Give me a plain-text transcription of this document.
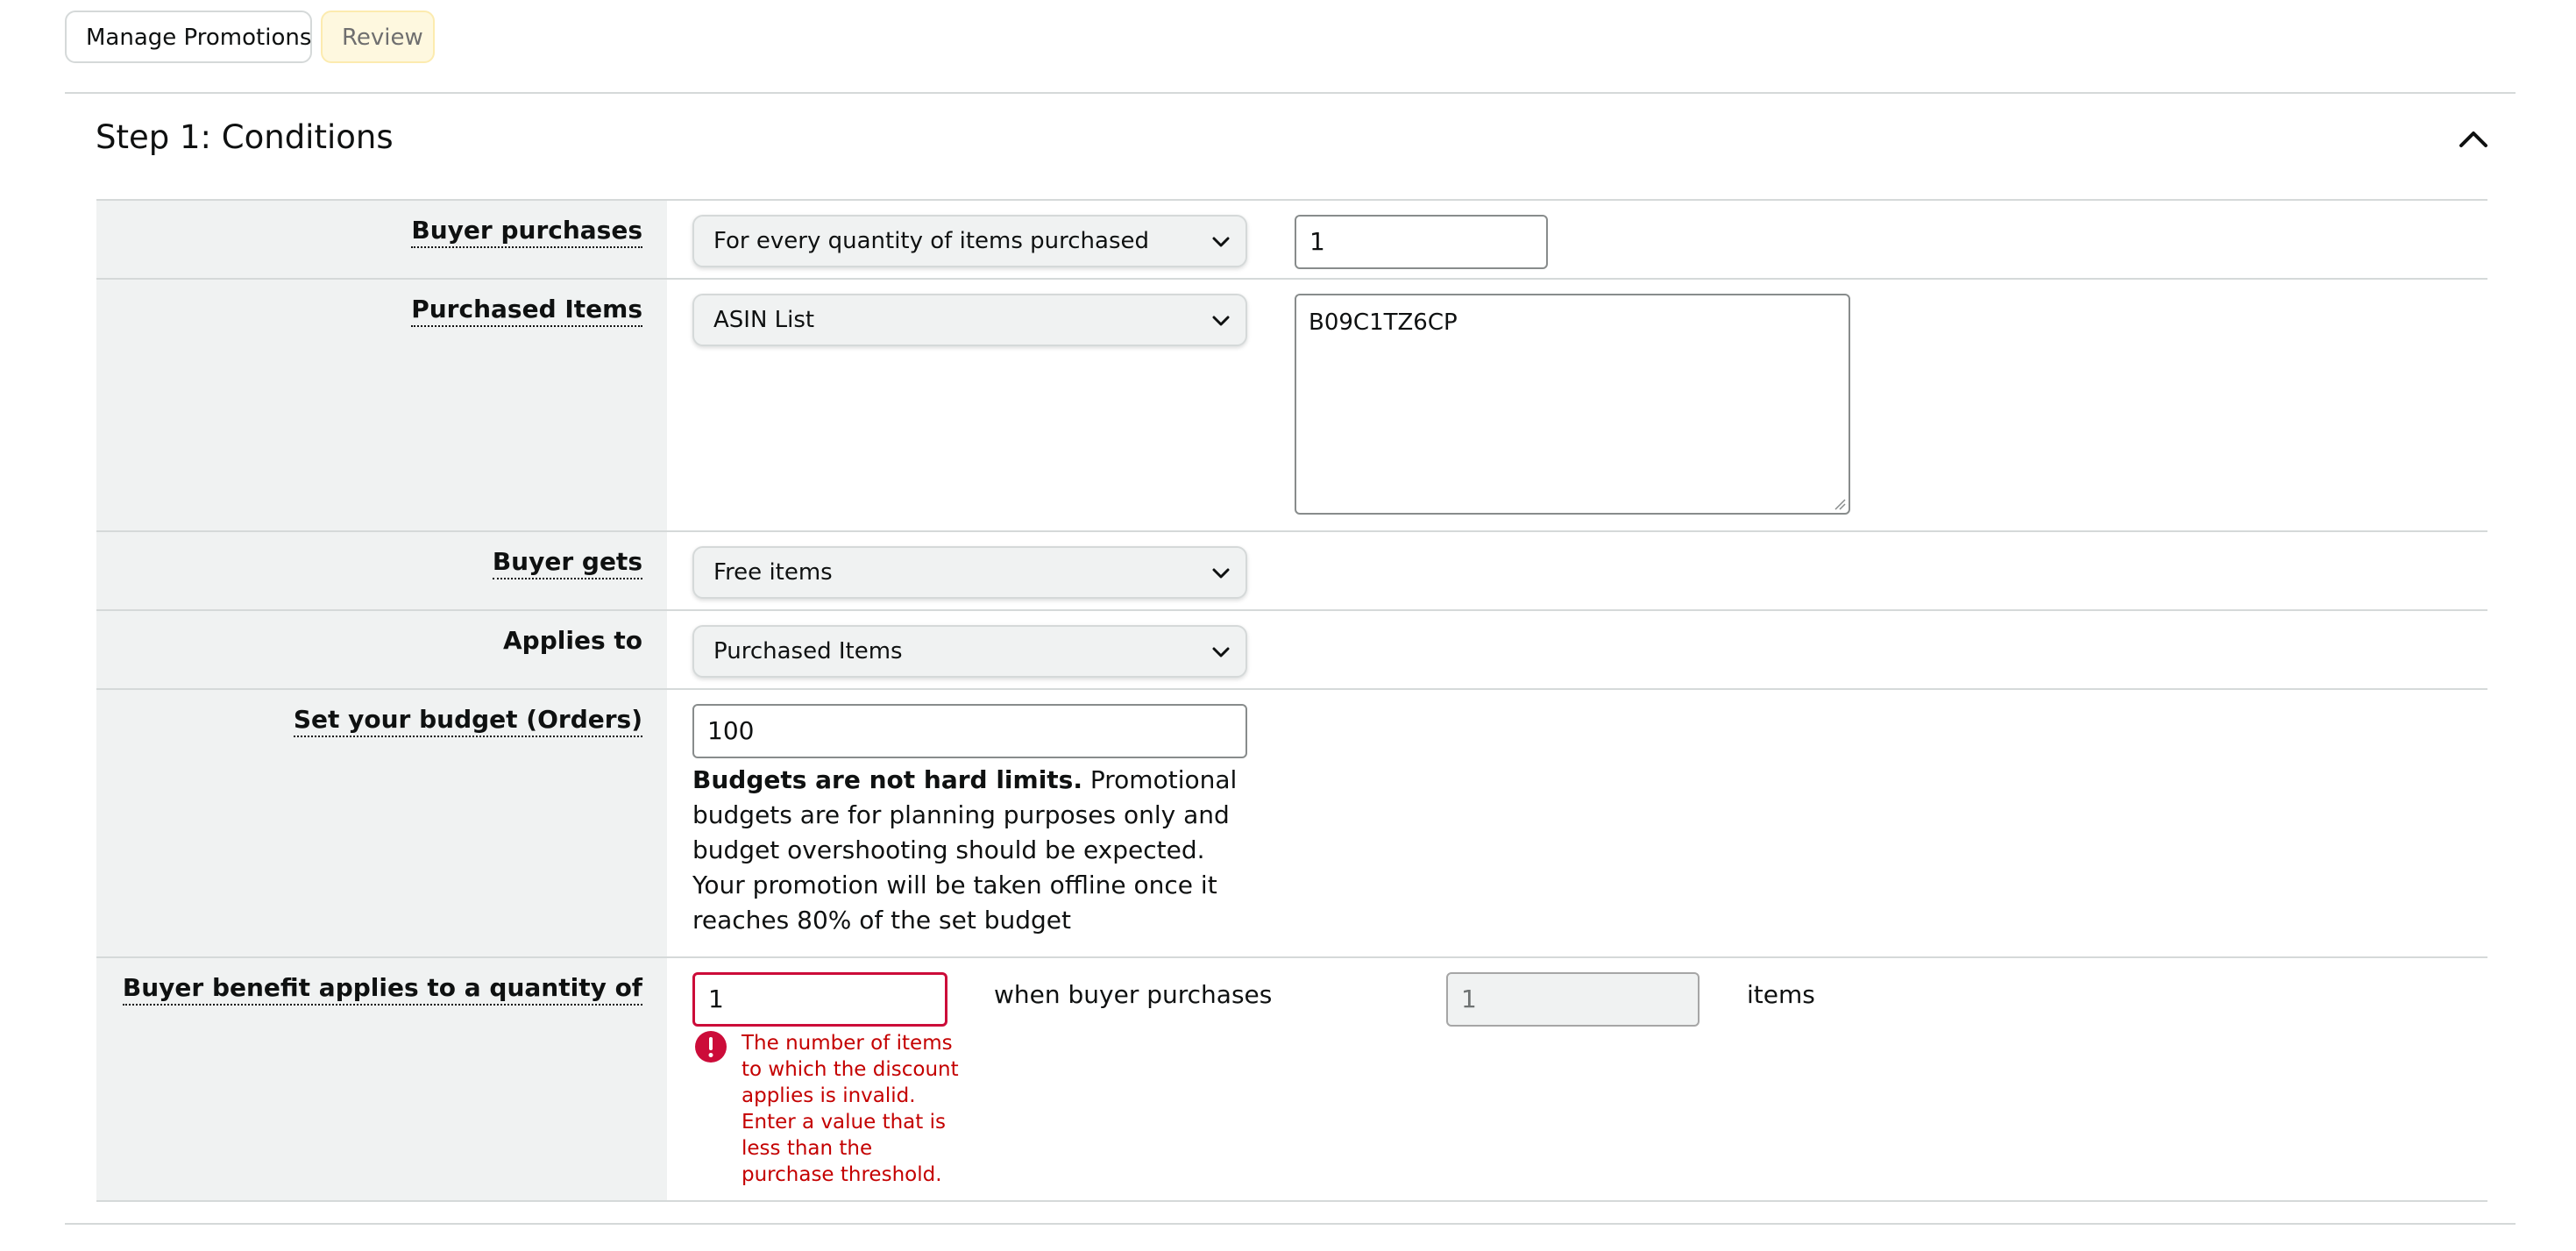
Manage Promotions	Review
Step 1: Conditions
Buyer purchases	For every quantity of items purchased	1
Purchased Items	ASIN List	B09C1TZ6CP
Buyer gets	Free items
Applies to	Purchased Items
Set your budget (Orders)	100
Budgets are not hard limits. Promotional budgets are for planning purposes only and budget overshooting should be expected. Your promotion will be taken offline once it reaches 80% of the set budget
Buyer benefit applies to a quantity of	1	when buyer purchases	1	items
The number of items to which the discount applies is invalid. Enter a value that is less than the purchase threshold.
